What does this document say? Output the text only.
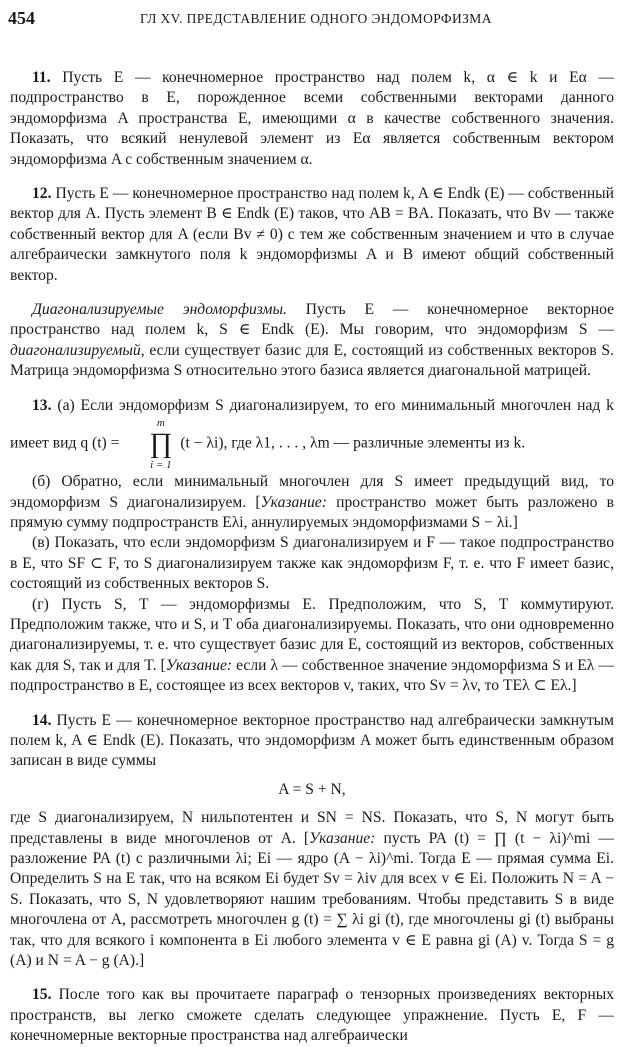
454	ГЛ XV. ПРЕДСТАВЛЕНИЕ ОДНОГО ЭНДОМОРФИЗМА

11. Пусть E — конечномерное пространство над полем k, α ∈ k и Eα — подпространство в E, порожденное всеми собственными векторами данного эндоморфизма A пространства E, имеющими α в качестве собственного значения. Показать, что всякий ненулевой элемент из Eα является собственным вектором эндоморфизма A с собственным значением α.

12. Пусть E — конечномерное пространство над полем k, A ∈ Endk (E) — собственный вектор для A. Пусть элемент B ∈ Endk (E) таков, что AB = BA. Показать, что Bv — также собственный вектор для A (если Bv ≠ 0) с тем же собственным значением и что в случае алгебраически замкнутого поля k эндоморфизмы A и B имеют общий собственный вектор.

Диагонализируемые эндоморфизмы. Пусть E — конечномерное векторное пространство над полем k, S ∈ Endk (E). Мы говорим, что эндоморфизм S — диагонализируемый, если существует базис для E, состоящий из собственных векторов S. Матрица эндоморфизма S относительно этого базиса является диагональной матрицей.

13. (а) Если эндоморфизм S диагонализируем, то его минимальный многочлен над k имеет вид q (t) =
m
∏
i = 1
(t − λi), где λ1, . . . , λm — различные элементы из k.

(б) Обратно, если минимальный многочлен для S имеет предыдущий вид, то эндоморфизм S диагонализируем. [Указание: пространство может быть разложено в прямую сумму подпространств Eλi, аннулируемых эндоморфизмами S − λi.]

(в) Показать, что если эндоморфизм S диагонализируем и F — такое подпространство в E, что SF ⊂ F, то S диагонализируем также как эндоморфизм F, т. е. что F имеет базис, состоящий из собственных векторов S.

(г) Пусть S, T — эндоморфизмы E. Предположим, что S, T коммутируют. Предположим также, что и S, и T оба диагонализируемы. Показать, что они одновременно диагонализируемы, т. е. что существует базис для E, состоящий из векторов, собственных как для S, так и для T. [Указание: если λ — собственное значение эндоморфизма S и Eλ — подпространство в E, состоящее из всех векторов v, таких, что Sv = λv, то TEλ ⊂ Eλ.]

14. Пусть E — конечномерное векторное пространство над алгебраически замкнутым полем k, A ∈ Endk (E). Показать, что эндоморфизм A может быть единственным образом записан в виде суммы

A = S + N,

где S диагонализируем, N нильпотентен и SN = NS. Показать, что S, N могут быть представлены в виде многочленов от A. [Указание: пусть PA (t) = ∏ (t − λi)^mi — разложение PA (t) с различными λi; Ei — ядро (A − λi)^mi. Тогда E — прямая сумма Ei. Определить S на E так, что на всяком Ei будет Sv = λiv для всех v ∈ Ei. Положить N = A − S. Показать, что S, N удовлетворяют нашим требованиям. Чтобы представить S в виде многочлена от A, рассмотреть многочлен g (t) = ∑ λi gi (t), где многочлены gi (t) выбраны так, что для всякого i компонента в Ei любого элемента v ∈ E равна gi (A) v. Тогда S = g (A) и N = A − g (A).]

15. После того как вы прочитаете параграф о тензорных произведениях векторных пространств, вы легко сможете сделать следующее упражнение. Пусть E, F — конечномерные векторные пространства над алгебраически
